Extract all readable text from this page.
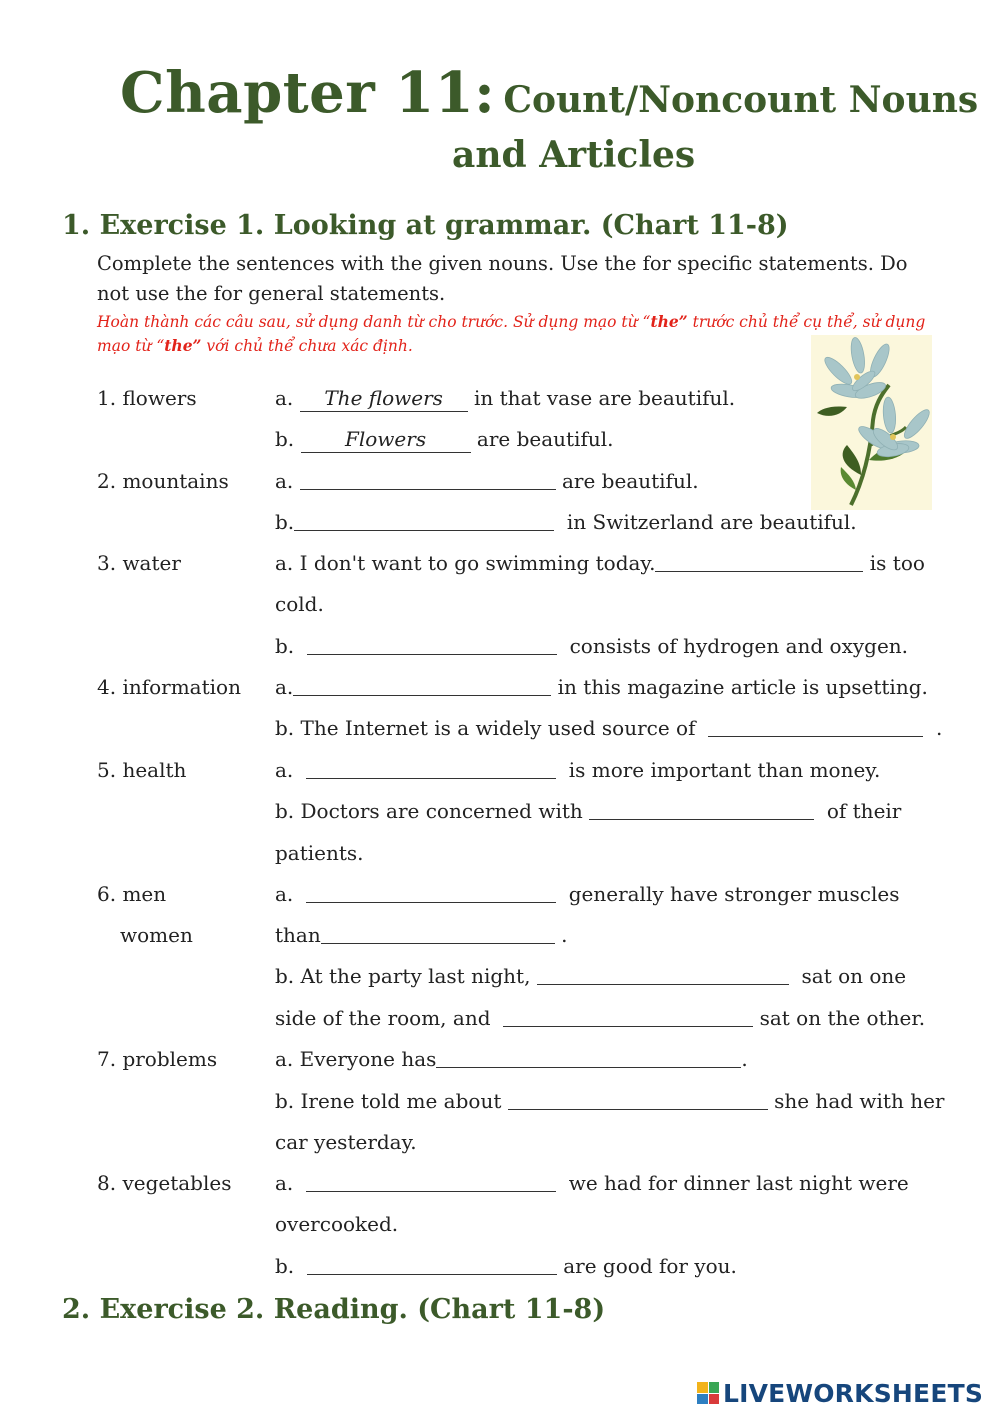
Chapter 11: Count/Noncount Nouns
and Articles
1. Exercise 1. Looking at grammar. (Chart 11-8)
Complete the sentences with the given nouns. Use the for specific statements. Do not use the for general statements.
Hoàn thành các câu sau, sử dụng danh từ cho trước. Sử dụng mạo từ “the” trước chủ thể cụ thể, sử dụng mạo từ “the” với chủ thể chưa xác định.
1. flowers	a. The flowers in that vase are beautiful.
b.	Flowers	are beautiful.
2. mountains a.	are beautiful.
b.	in Switzerland are beautiful.
3. water	a. I don't want to go swimming today.	is too
cold.
b.	consists of hydrogen and oxygen.
4. information a.	in this magazine article is upsetting.
b. The Internet is a widely used source of	.
5. health	a.	is more important than money.
b. Doctors are concerned with	of their
patients.
6. men	a.	generally have stronger muscles
women	than	.
b. At the party last night,	sat on one
side of the room, and	sat on the other.
7. problems	a. Everyone has	.
b. Irene told me about	she had with her
car yesterday.
8. vegetables a.	we had for dinner last night were
overcooked.
b.	are good for you.
2. Exercise 2. Reading. (Chart 11-8)
LIVEWORKSHEETS
